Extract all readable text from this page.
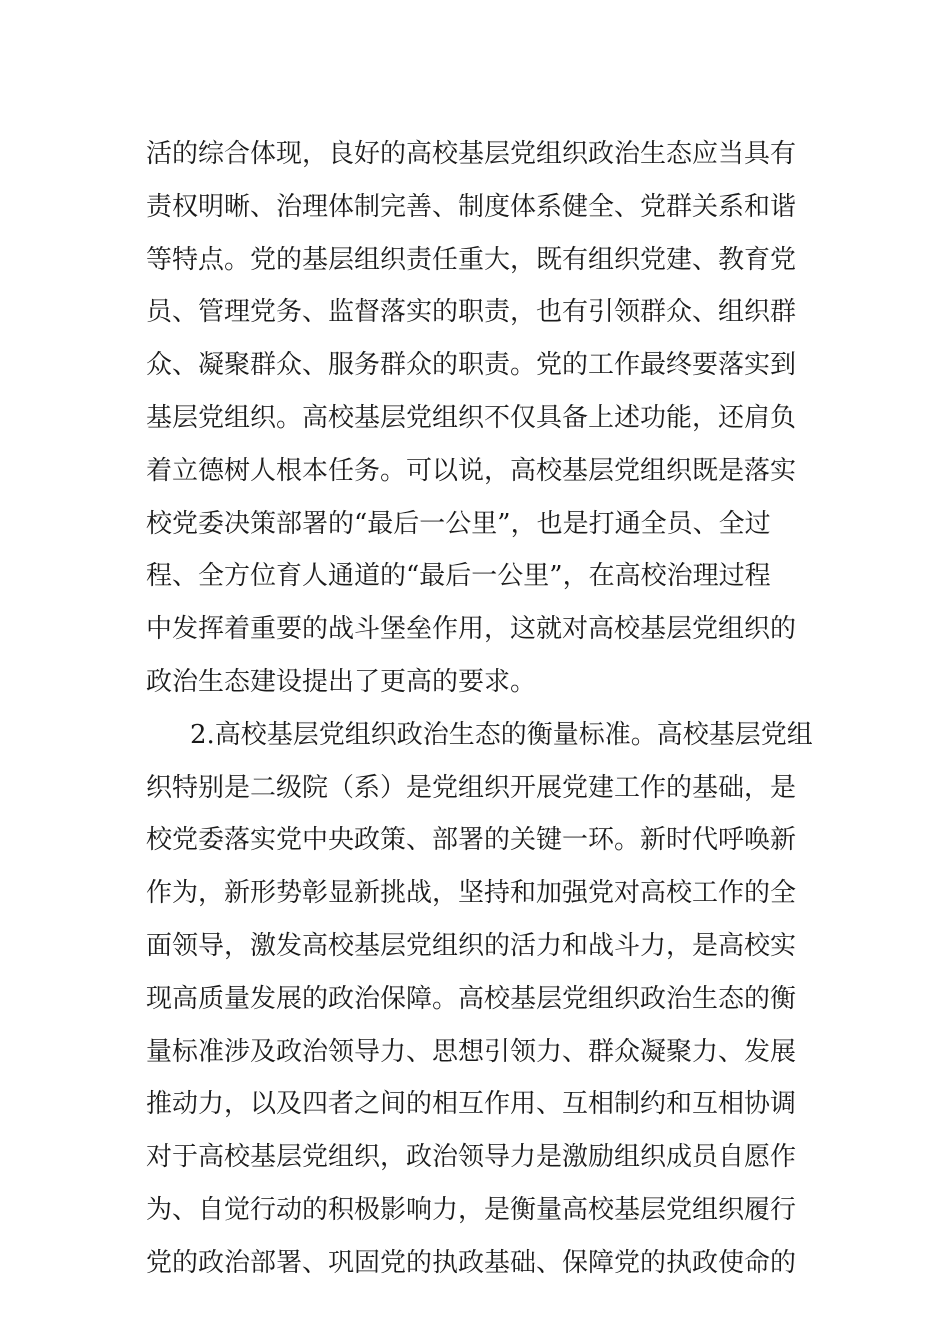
活的综合体现，良好的高校基层党组织政治生态应当具有
责权明晰、治理体制完善、制度体系健全、党群关系和谐
等特点。党的基层组织责任重大，既有组织党建、教育党
员、管理党务、监督落实的职责，也有引领群众、组织群
众、凝聚群众、服务群众的职责。党的工作最终要落实到
基层党组织。高校基层党组织不仅具备上述功能，还肩负
着立德树人根本任务。可以说，高校基层党组织既是落实
校党委决策部署的“最后一公里”，也是打通全员、全过
程、全方位育人通道的“最后一公里”，在高校治理过程
中发挥着重要的战斗堡垒作用，这就对高校基层党组织的
政治生态建设提出了更高的要求。
2.高校基层党组织政治生态的衡量标准。高校基层党组
织特别是二级院（系）是党组织开展党建工作的基础，是
校党委落实党中央政策、部署的关键一环。新时代呼唤新
作为，新形势彰显新挑战，坚持和加强党对高校工作的全
面领导，激发高校基层党组织的活力和战斗力，是高校实
现高质量发展的政治保障。高校基层党组织政治生态的衡
量标准涉及政治领导力、思想引领力、群众凝聚力、发展
推动力，以及四者之间的相互作用、互相制约和互相协调
对于高校基层党组织，政治领导力是激励组织成员自愿作
为、自觉行动的积极影响力，是衡量高校基层党组织履行
党的政治部署、巩固党的执政基础、保障党的执政使命的
